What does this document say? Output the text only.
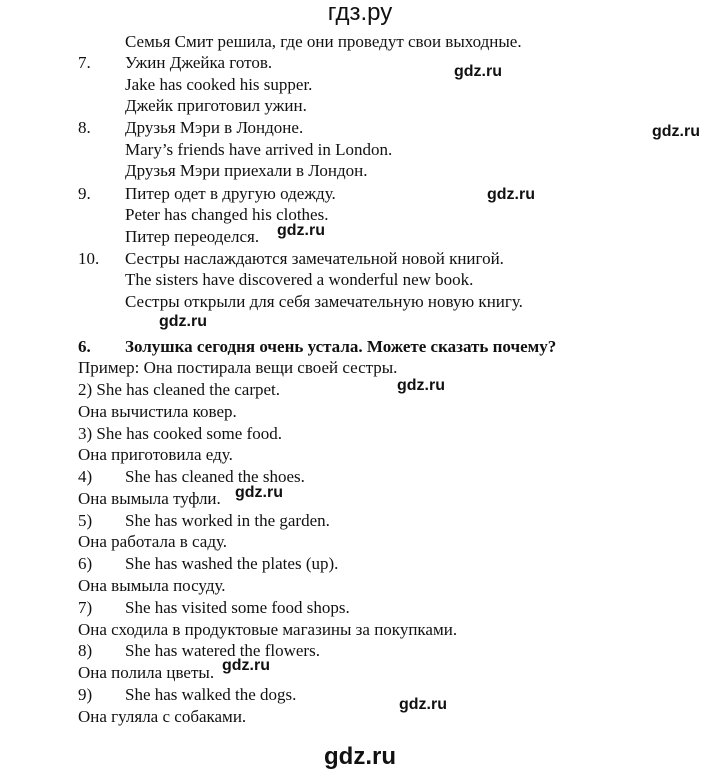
гдз.ру
Семья Смит решила, где они проведут свои выходные.
7. Ужин Джейка готов.
Jake has cooked his supper.
Джейк приготовил ужин.
8. Друзья Мэри в Лондоне.
Mary’s friends have arrived in London.
Друзья Мэри приехали в Лондон.
9. Питер одет в другую одежду.
Peter has changed his clothes.
Питер переоделся.
10. Сестры наслаждаются замечательной новой книгой.
The sisters have discovered a wonderful new book.
Сестры открыли для себя замечательную новую книгу.
6. Золушка сегодня очень устала. Можете сказать почему?
Пример: Она постирала вещи своей сестры.
2) She has cleaned the carpet.
Она вычистила ковер.
3) She has cooked some food.
Она приготовила еду.
4) She has cleaned the shoes.
Она вымыла туфли.
5) She has worked in the garden.
Она работала в саду.
6) She has washed the plates (up).
Она вымыла посуду.
7) She has visited some food shops.
Она сходила в продуктовые магазины за покупками.
8) She has watered the flowers.
Она полила цветы.
9) She has walked the dogs.
Она гуляла с собаками.
gdz.ru
gdz.ru
gdz.ru
gdz.ru
gdz.ru
gdz.ru
gdz.ru
gdz.ru
gdz.ru
gdz.ru
